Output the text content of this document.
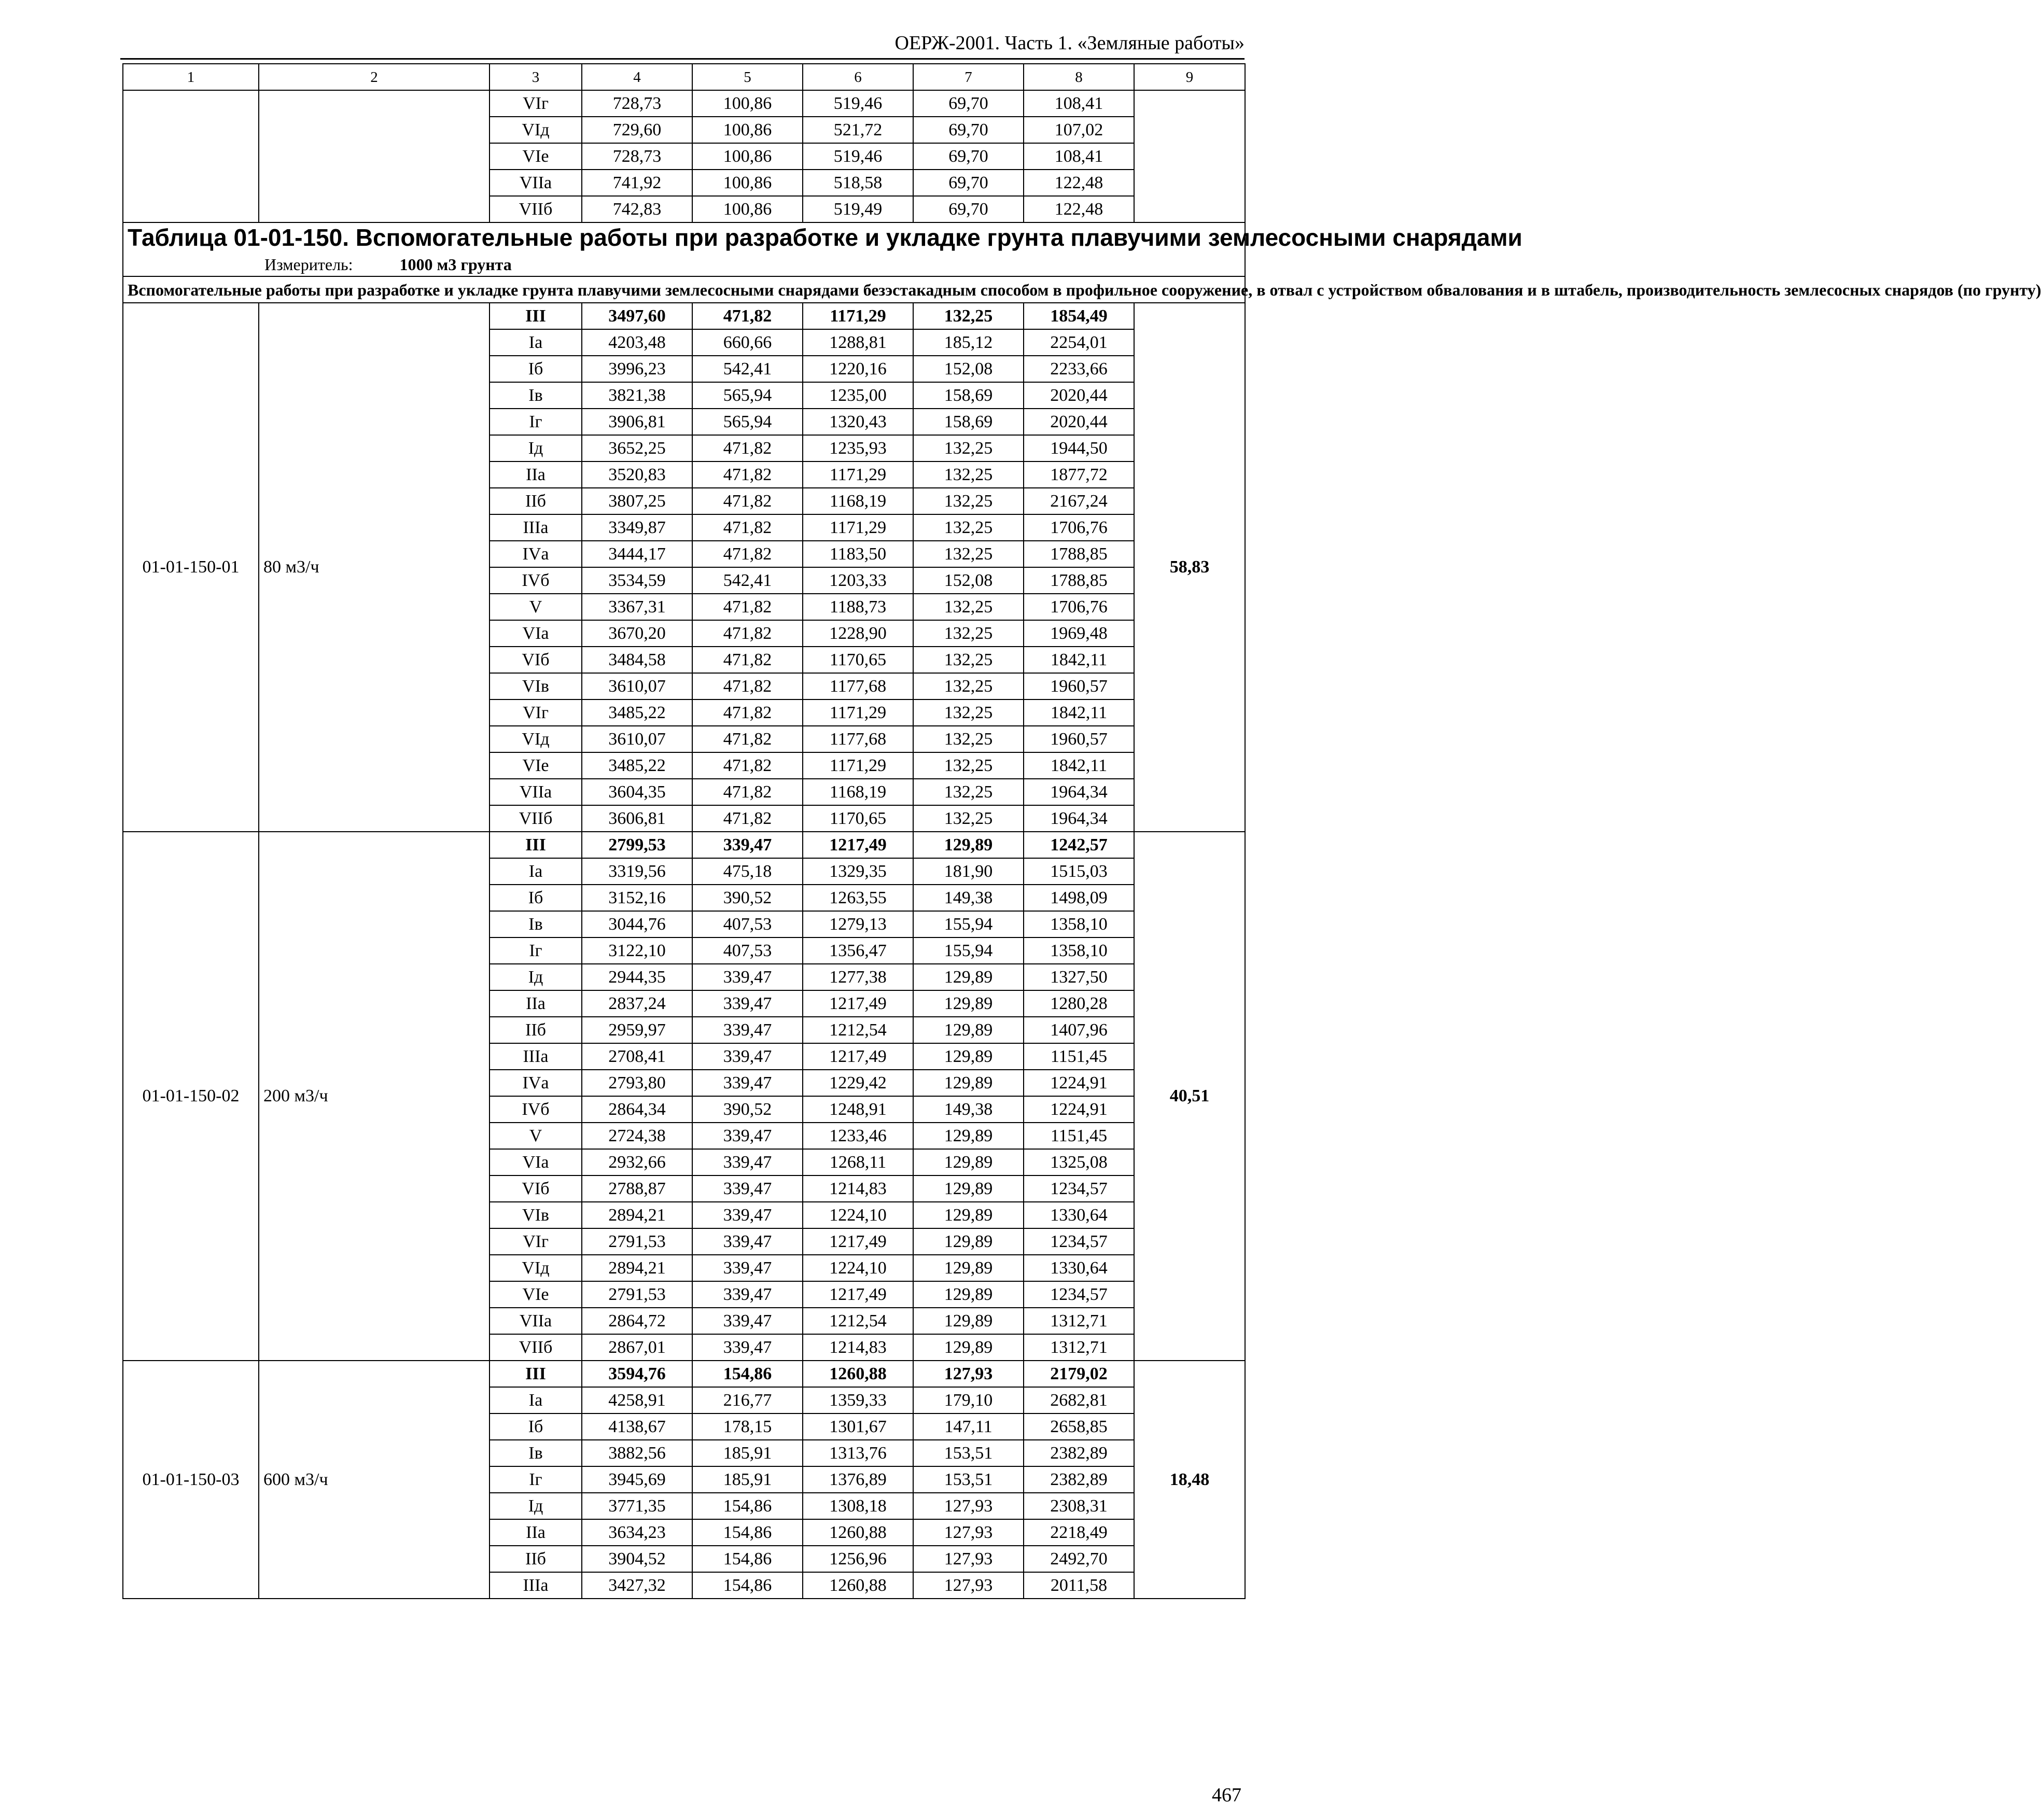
ОЕРЖ-2001. Часть 1. «Земляные работы»
1	2	3	4	5	6	7	8	9
		VIг	728,73	100,86	519,46	69,70	108,41	
		VIд	729,60	100,86	521,72	69,70	107,02	
		VIе	728,73	100,86	519,46	69,70	108,41	
		VIIа	741,92	100,86	518,58	69,70	122,48	
		VIIб	742,83	100,86	519,49	69,70	122,48	

Таблица 01-01-150. Вспомогательные работы при разработке и укладке грунта плавучими землесосными снарядами
Измеритель: 1000 м3 грунта								

Вспомогательные работы при разработке и укладке грунта плавучими землесосными снарядами безэстакадным способом в профильное сооружение, в отвал с устройством обвалования и в штабель, производительность землесосных снарядов (по грунту)								
01-01-150-01	80 м3/ч	III	3497,60	471,82	1171,29	132,25	1854,49	58,83
		Iа	4203,48	660,66	1288,81	185,12	2254,01	
		Iб	3996,23	542,41	1220,16	152,08	2233,66	
		Iв	3821,38	565,94	1235,00	158,69	2020,44	
		Iг	3906,81	565,94	1320,43	158,69	2020,44	
		Iд	3652,25	471,82	1235,93	132,25	1944,50	
		IIа	3520,83	471,82	1171,29	132,25	1877,72	
		IIб	3807,25	471,82	1168,19	132,25	2167,24	
		IIIа	3349,87	471,82	1171,29	132,25	1706,76	
		IVа	3444,17	471,82	1183,50	132,25	1788,85	
		IVб	3534,59	542,41	1203,33	152,08	1788,85	
		V	3367,31	471,82	1188,73	132,25	1706,76	
		VIа	3670,20	471,82	1228,90	132,25	1969,48	
		VIб	3484,58	471,82	1170,65	132,25	1842,11	
		VIв	3610,07	471,82	1177,68	132,25	1960,57	
		VIг	3485,22	471,82	1171,29	132,25	1842,11	
		VIд	3610,07	471,82	1177,68	132,25	1960,57	
		VIе	3485,22	471,82	1171,29	132,25	1842,11	
		VIIа	3604,35	471,82	1168,19	132,25	1964,34	
		VIIб	3606,81	471,82	1170,65	132,25	1964,34	
01-01-150-02	200 м3/ч	III	2799,53	339,47	1217,49	129,89	1242,57	40,51
		Iа	3319,56	475,18	1329,35	181,90	1515,03	
		Iб	3152,16	390,52	1263,55	149,38	1498,09	
		Iв	3044,76	407,53	1279,13	155,94	1358,10	
		Iг	3122,10	407,53	1356,47	155,94	1358,10	
		Iд	2944,35	339,47	1277,38	129,89	1327,50	
		IIа	2837,24	339,47	1217,49	129,89	1280,28	
		IIб	2959,97	339,47	1212,54	129,89	1407,96	
		IIIа	2708,41	339,47	1217,49	129,89	1151,45	
		IVа	2793,80	339,47	1229,42	129,89	1224,91	
		IVб	2864,34	390,52	1248,91	149,38	1224,91	
		V	2724,38	339,47	1233,46	129,89	1151,45	
		VIа	2932,66	339,47	1268,11	129,89	1325,08	
		VIб	2788,87	339,47	1214,83	129,89	1234,57	
		VIв	2894,21	339,47	1224,10	129,89	1330,64	
		VIг	2791,53	339,47	1217,49	129,89	1234,57	
		VIд	2894,21	339,47	1224,10	129,89	1330,64	
		VIе	2791,53	339,47	1217,49	129,89	1234,57	
		VIIа	2864,72	339,47	1212,54	129,89	1312,71	
		VIIб	2867,01	339,47	1214,83	129,89	1312,71	
01-01-150-03	600 м3/ч	III	3594,76	154,86	1260,88	127,93	2179,02	18,48
		Iа	4258,91	216,77	1359,33	179,10	2682,81	
		Iб	4138,67	178,15	1301,67	147,11	2658,85	
		Iв	3882,56	185,91	1313,76	153,51	2382,89	
		Iг	3945,69	185,91	1376,89	153,51	2382,89	
		Iд	3771,35	154,86	1308,18	127,93	2308,31	
		IIа	3634,23	154,86	1260,88	127,93	2218,49	
		IIб	3904,52	154,86	1256,96	127,93	2492,70	
		IIIа	3427,32	154,86	1260,88	127,93	2011,58	
467
